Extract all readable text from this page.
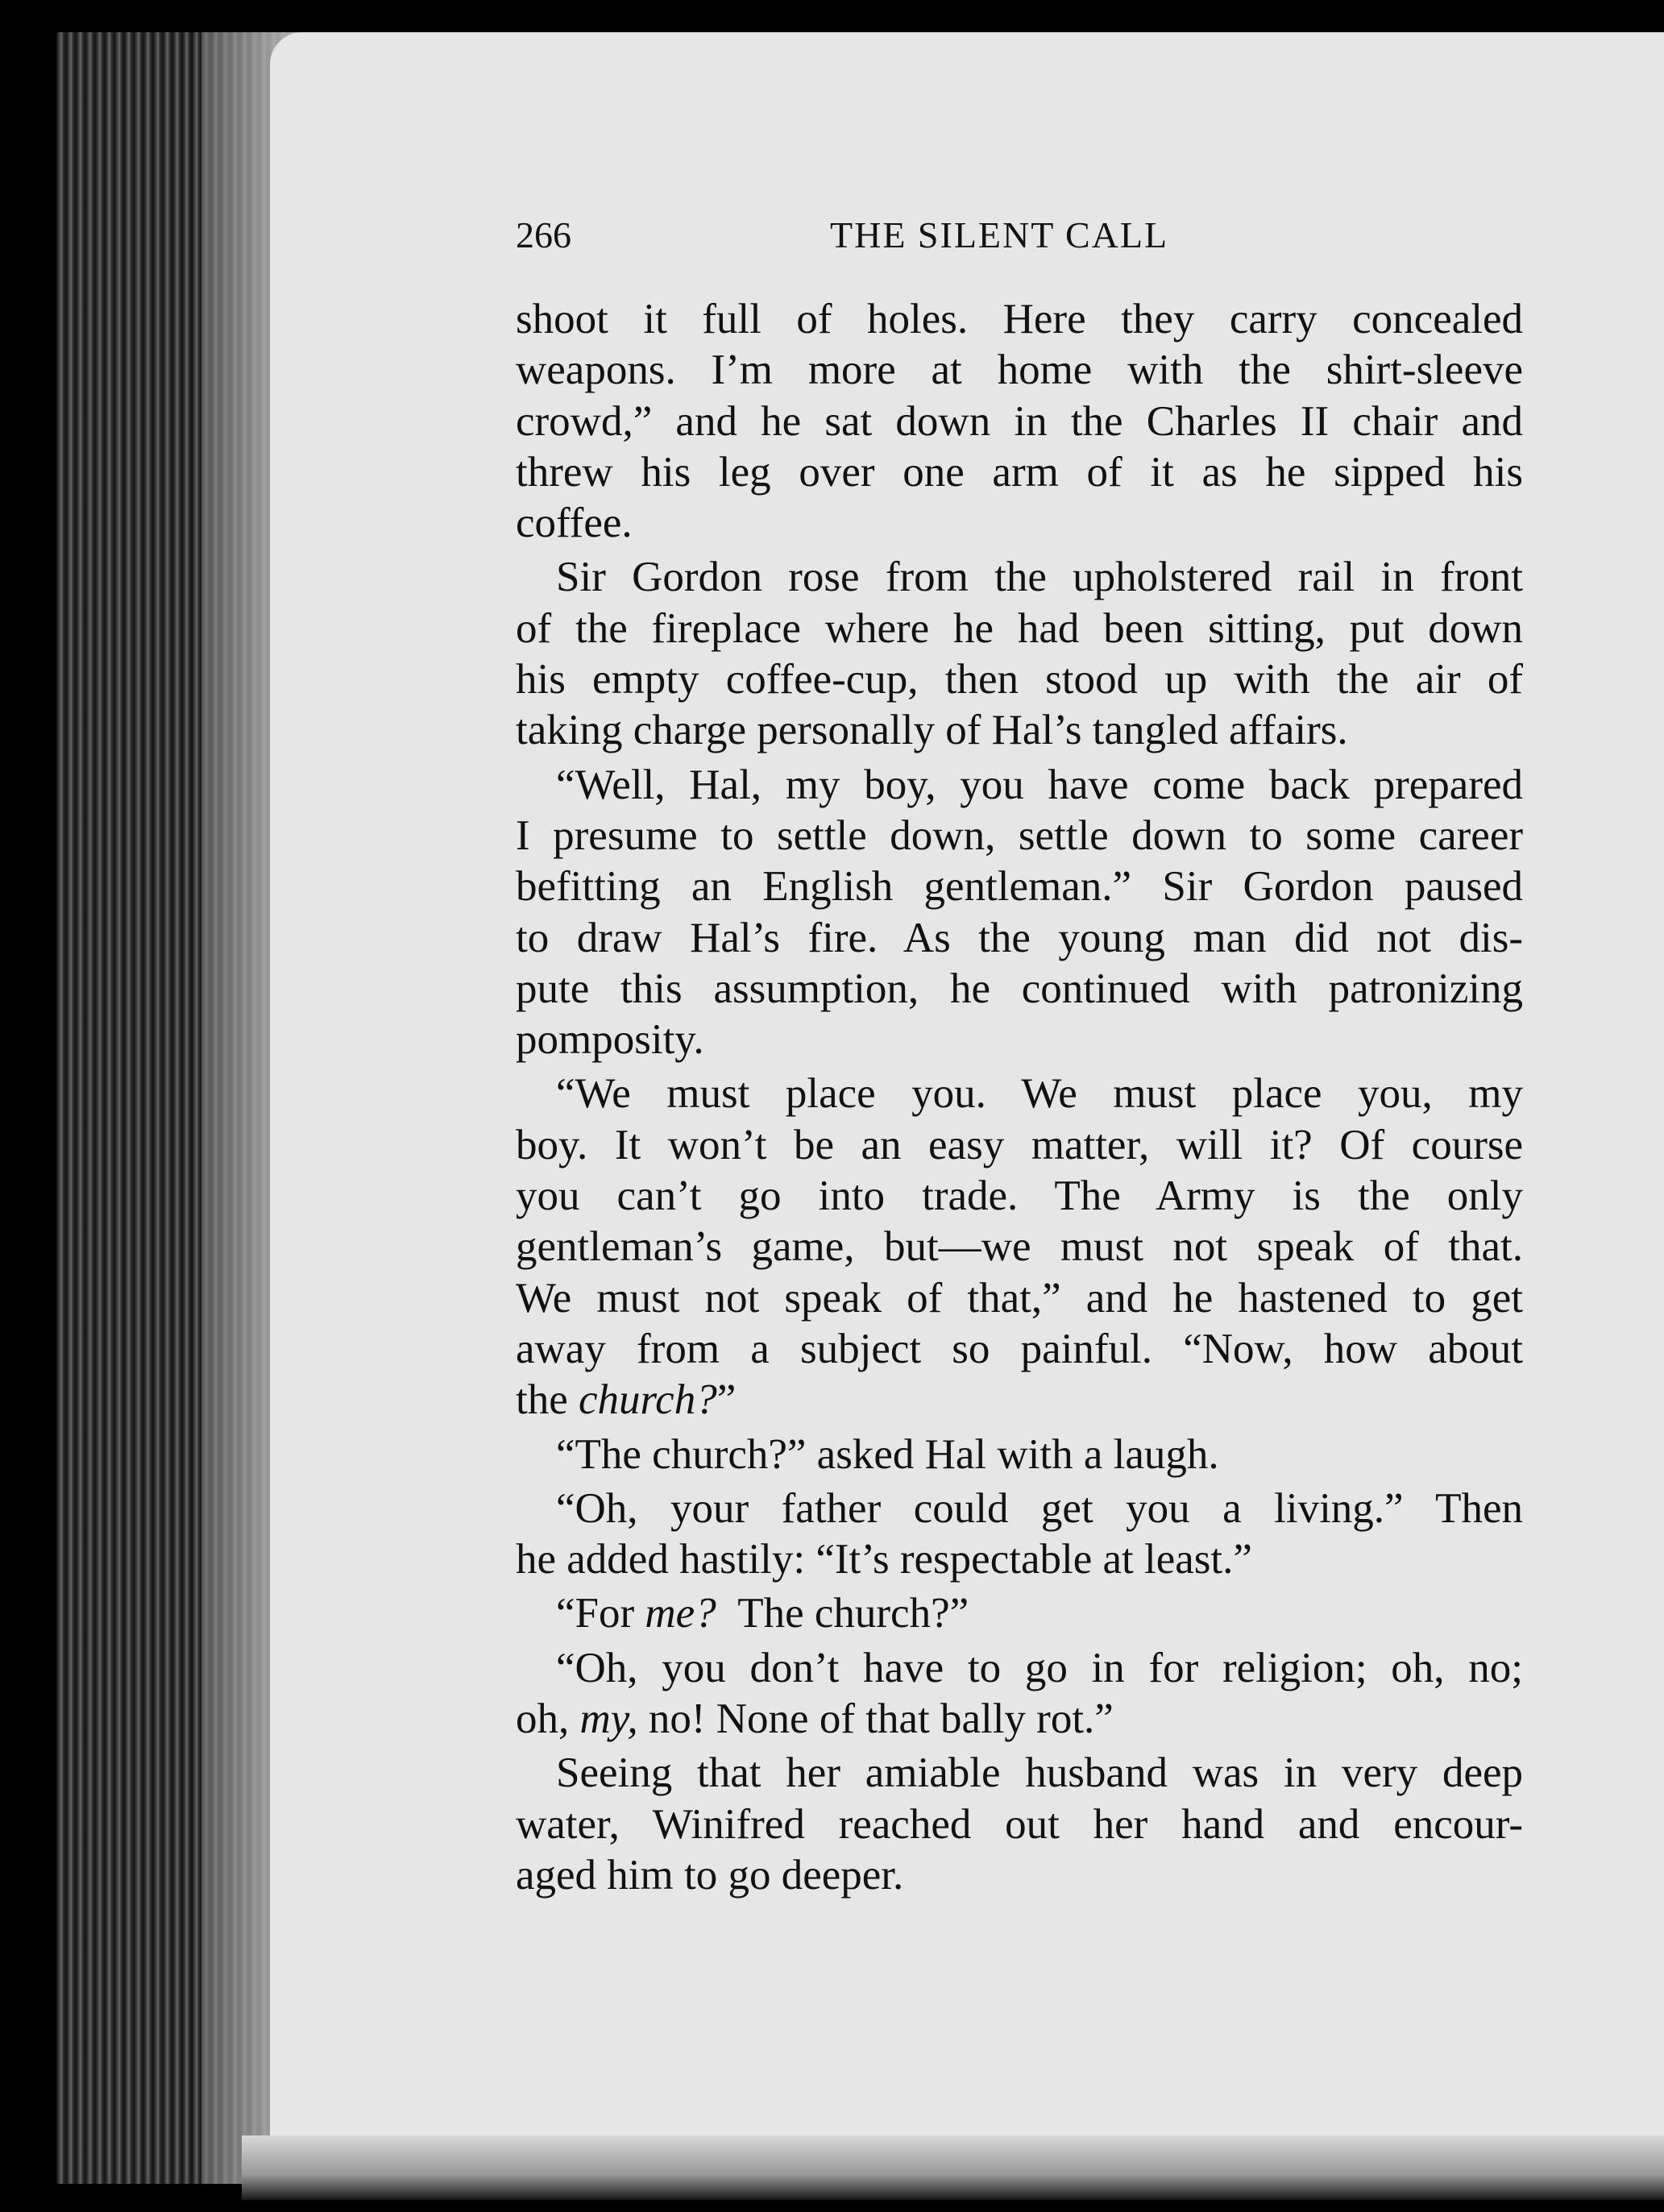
266	THE SILENT CALL
shoot it full of holes. Here they carry concealed
weapons. I’m more at home with the shirt-sleeve
crowd,” and he sat down in the Charles II chair and
threw his leg over one arm of it as he sipped his
coffee.
Sir Gordon rose from the upholstered rail in front
of the fireplace where he had been sitting, put down
his empty coffee-cup, then stood up with the air of
taking charge personally of Hal’s tangled affairs.
“Well, Hal, my boy, you have come back prepared
I presume to settle down, settle down to some career
befitting an English gentleman.” Sir Gordon paused
to draw Hal’s fire. As the young man did not dis-
pute this assumption, he continued with patronizing
pomposity.
“We must place you. We must place you, my
boy. It won’t be an easy matter, will it? Of course
you can’t go into trade. The Army is the only
gentleman’s game, but—we must not speak of that.
We must not speak of that,” and he hastened to get
away from a subject so painful. “Now, how about
the church?”
“The church?” asked Hal with a laugh.
“Oh, your father could get you a living.” Then
he added hastily: “It’s respectable at least.”
“For me? The church?”
“Oh, you don’t have to go in for religion; oh, no;
oh, my, no! None of that bally rot.”
Seeing that her amiable husband was in very deep
water, Winifred reached out her hand and encour-
aged him to go deeper.
